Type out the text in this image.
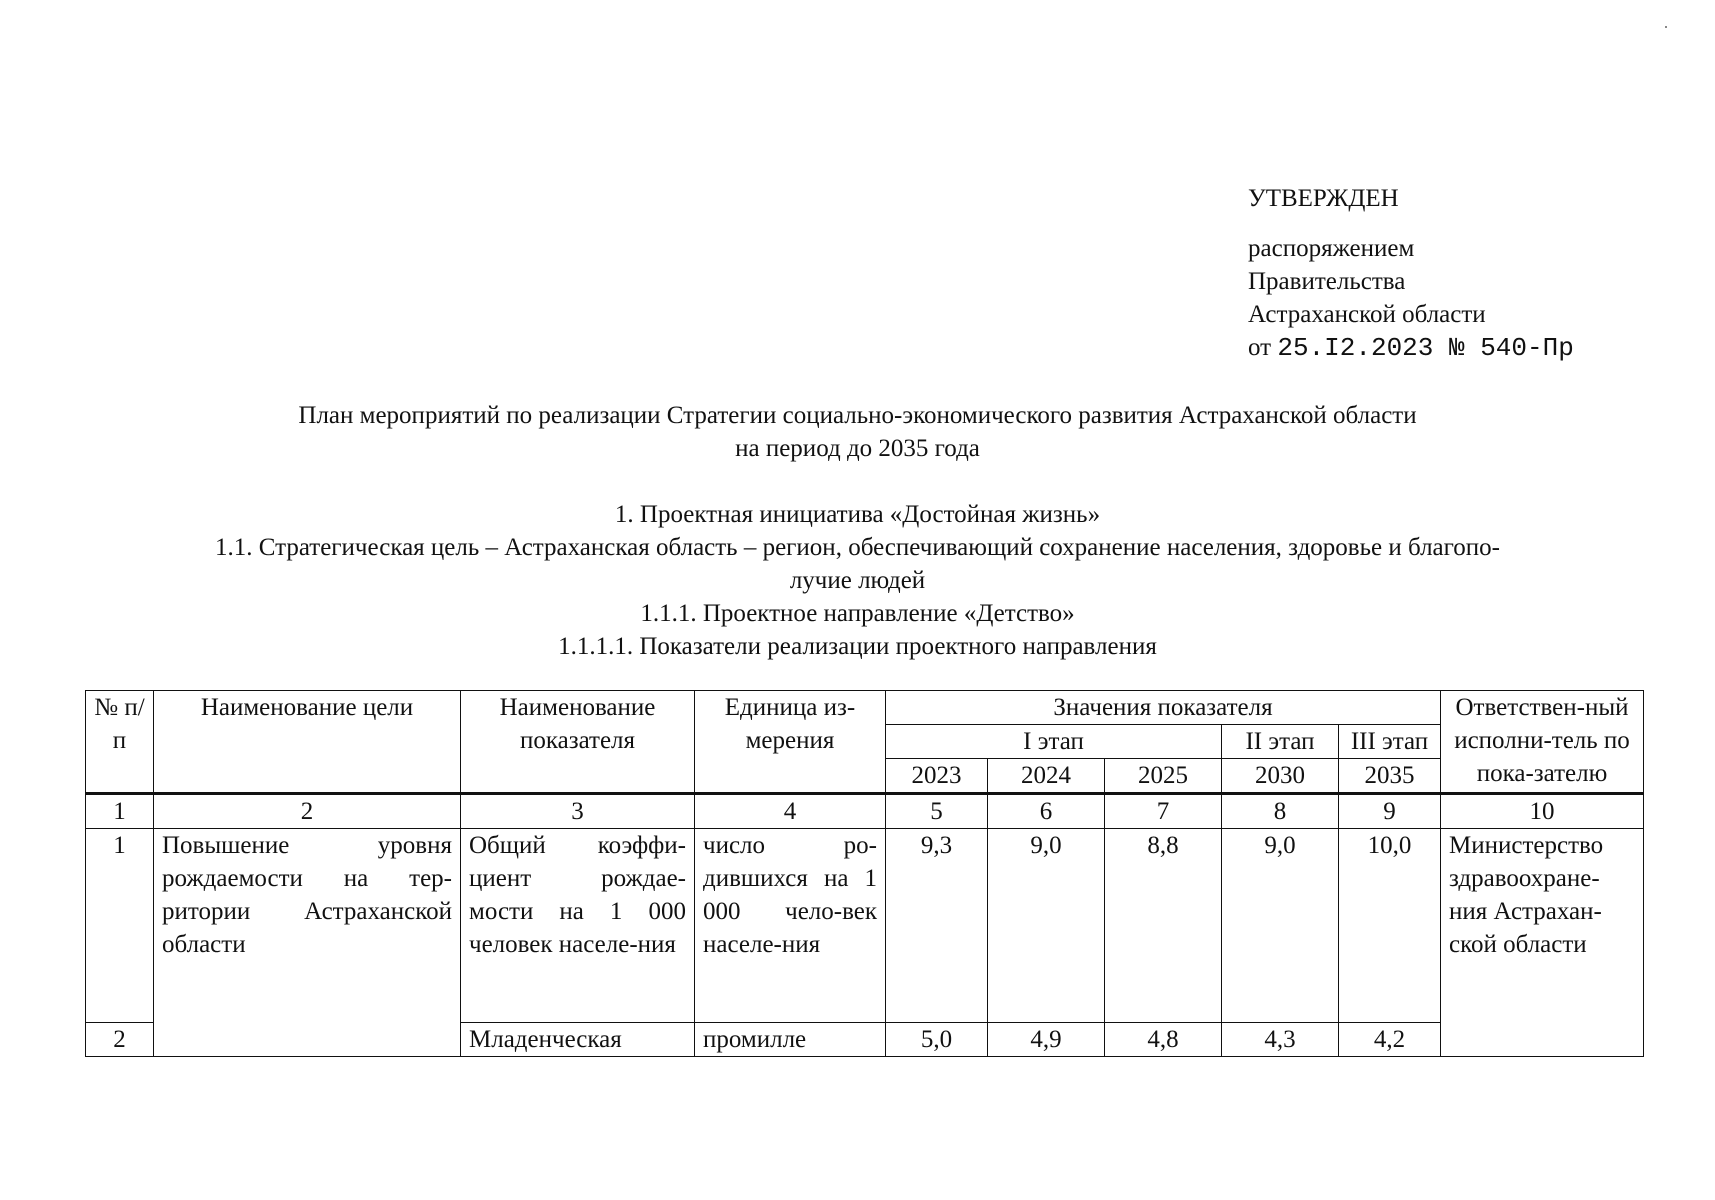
УТВЕРЖДЕН
распоряжением
Правительства
Астраханской области
от 25.I2.2023 № 540-Пр
План мероприятий по реализации Стратегии социально-экономического развития Астраханской области
на период до 2035 года
1. Проектная инициатива «Достойная жизнь»
1.1. Стратегическая цель – Астраханская область – регион, обеспечивающий сохранение населения, здоровье и благопо-
лучие людей
1.1.1. Проектное направление «Детство»
1.1.1.1. Показатели реализации проектного направления
№ п/п	Наименование цели	Наименование показателя	Единица из-мерения	Значения показателя					Ответствен-ный исполни-тель по пока-зателю
				I этап			II этап	III этап	
				2023	2024	2025	2030	2035	
1	2	3	4	5	6	7	8	9	10
1	Повышение уровня рождаемости на тер-ритории Астраханской области	Общий коэффи-циент рождае-мости на 1 000 человек населе-ния	число ро-дившихся на 1 000 чело-век населе-ния	9,3	9,0	8,8	9,0	10,0	Министерство здравоохране-ния Астрахан-ской области
2		Младенческая	промилле	5,0	4,9	4,8	4,3	4,2	
